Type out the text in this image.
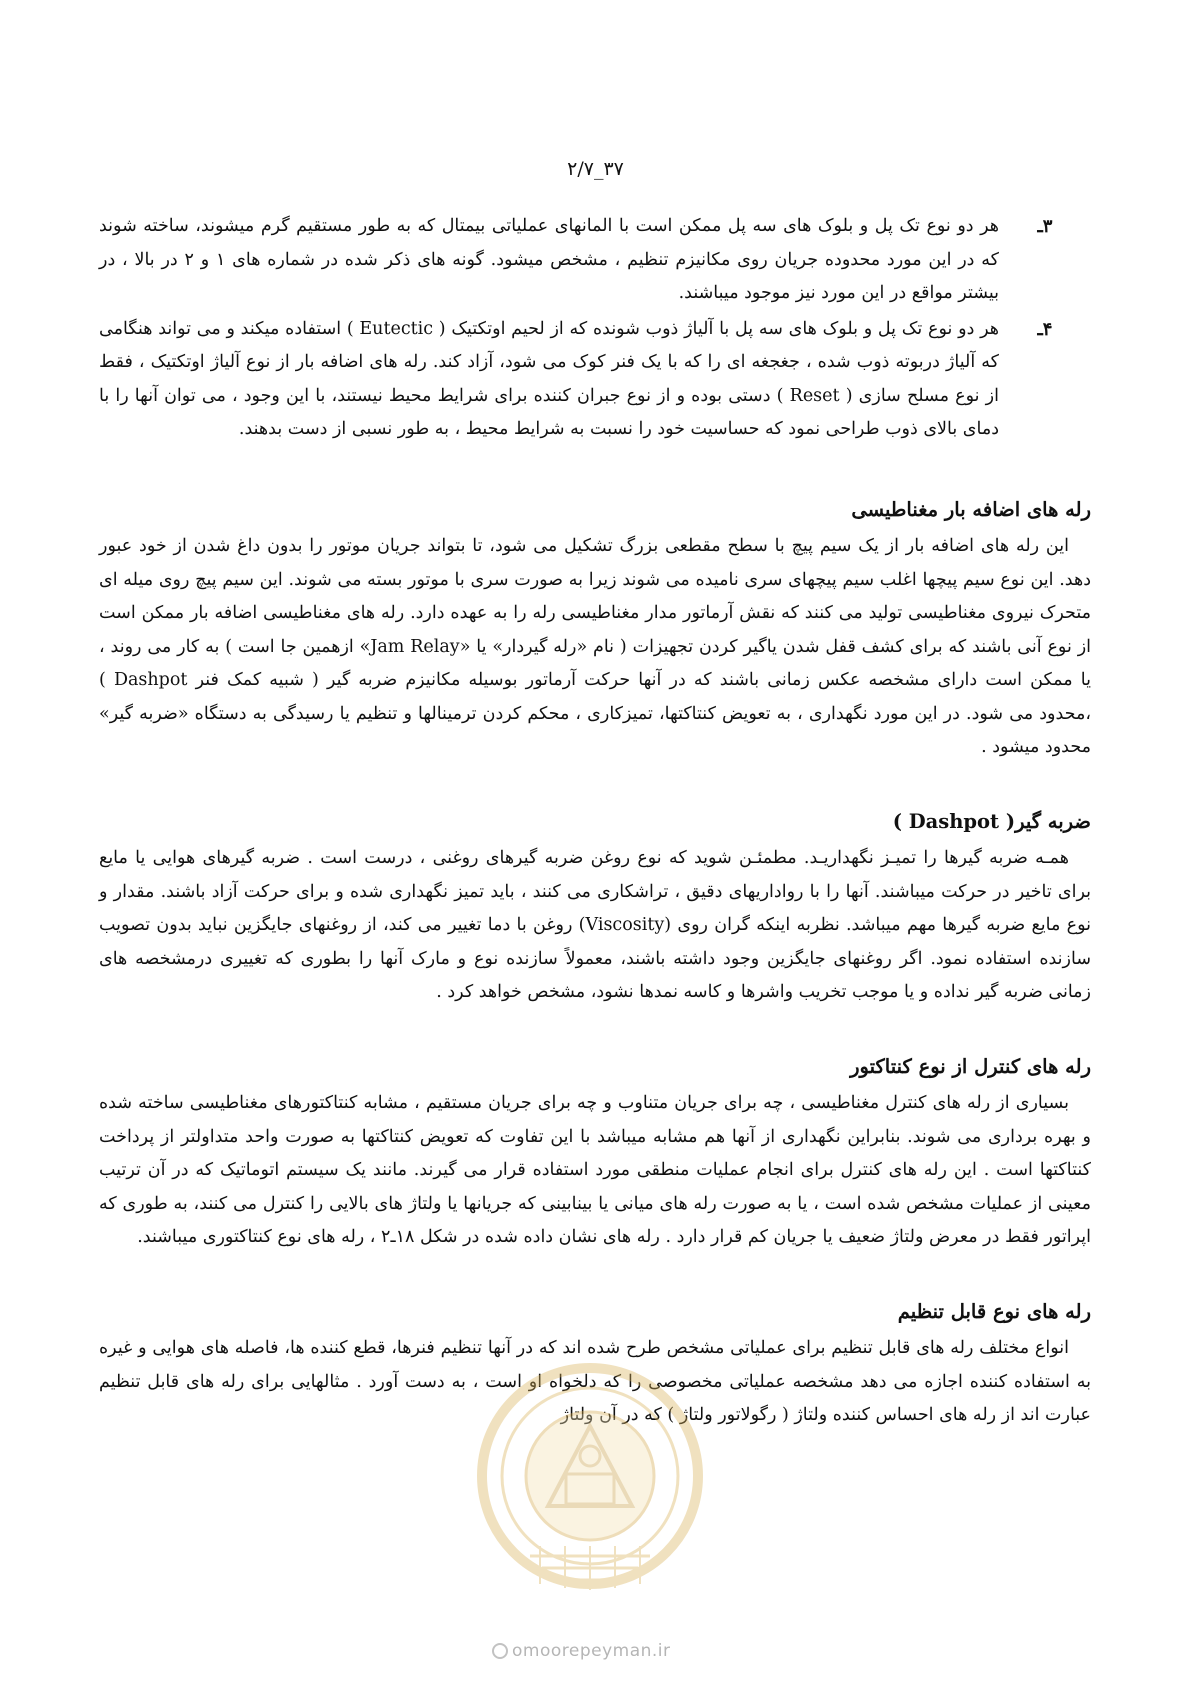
۳۷_۲/۷
۳ـ
هر دو نوع تک پل و بلوک های سه پل ممکن است با المانهای عملیاتی بیمتال که به طور مستقیم گرم میشوند، ساخته شوند که در این مورد محدوده جریان روی مکانیزم تنظیم ، مشخص میشود. گونه های ذکر شده در شماره های ۱ و ۲ در بالا ، در بیشتر مواقع در این مورد نیز موجود میباشند.
۴ـ
هر دو نوع تک پل و بلوک های سه پل با آلیاژ ذوب شونده که از لحیم اوتکتیک ( Eutectic ) استفاده میکند و می تواند هنگامی که آلیاژ دربوته ذوب شده ، جغجغه ای را که با یک فنر کوک می شود، آزاد کند. رله های اضافه بار از نوع آلیاژ اوتکتیک ، فقط از نوع مسلح سازی ( Reset ) دستی بوده و از نوع جبران کننده برای شرایط محیط نیستند، با این وجود ، می توان آنها را با دمای بالای ذوب طراحی نمود که حساسیت خود را نسبت به شرایط محیط ، به طور نسبی از دست بدهند.
رله های اضافه بار مغناطیسی

این رله های اضافه بار از یک سیم پیچ با سطح مقطعی بزرگ تشکیل می شود، تا بتواند جریان موتور را بدون داغ شدن از خود عبور دهد. این نوع سیم پیچها اغلب سیم پیچهای سری نامیده می شوند زیرا به صورت سری با موتور بسته می شوند. این سیم پیچ روی میله ای متحرک نیروی مغناطیسی تولید می کنند که نقش آرماتور مدار مغناطیسی رله را به عهده دارد. رله های مغناطیسی اضافه بار ممکن است از نوع آنی باشند که برای کشف قفل شدن یاگیر کردن تجهیزات ( نام «رله گیردار» یا «Jam Relay» ازهمین جا است ) به کار می روند ، یا ممکن است دارای مشخصه عکس زمانی باشند که در آنها حرکت آرماتور بوسیله مکانیزم ضربه گیر ( شبیه کمک فنر Dashpot ) ،محدود می شود. در این مورد نگهداری ، به تعویض کنتاکتها، تمیزکاری ، محکم کردن ترمینالها و تنظیم یا رسیدگی به دستگاه «ضربه گیر» محدود میشود .

ضربه گیر( Dashpot )

همـه ضربه گیرها را تمیـز نگهداریـد. مطمئـن شوید که نوع روغن ضربه گیرهای روغنی ، درست است . ضربه گیرهای هوایی یا مایع برای تاخیر در حرکت میباشند. آنها را با رواداریهای دقیق ، تراشکاری می کنند ، باید تمیز نگهداری شده و برای حرکت آزاد باشند. مقدار و نوع مایع ضربه گیرها مهم میباشد. نظربه اینکه گران روی (Viscosity) روغن با دما تغییر می کند، از روغنهای جایگزین نباید بدون تصویب سازنده استفاده نمود. اگر روغنهای جایگزین وجود داشته باشند، معمولاً سازنده نوع و مارک آنها را بطوری که تغییری درمشخصه های زمانی ضربه گیر نداده و یا موجب تخریب واشرها و کاسه نمدها نشود، مشخص خواهد کرد .

رله های کنترل از نوع کنتاکتور

بسیاری از رله های کنترل مغناطیسی ، چه برای جریان متناوب و چه برای جریان مستقیم ، مشابه کنتاکتورهای مغناطیسی ساخته شده و بهره برداری می شوند. بنابراین نگهداری از آنها هم مشابه میباشد با این تفاوت که تعویض کنتاکتها به صورت واحد متداولتر از پرداخت کنتاکتها است . این رله های کنترل برای انجام عملیات منطقی مورد استفاده قرار می گیرند. مانند یک سیستم اتوماتیک که در آن ترتیب معینی از عملیات مشخص شده است ، یا به صورت رله های میانی یا بینابینی که جریانها یا ولتاژ های بالایی را کنترل می کنند، به طوری که اپراتور فقط در معرض ولتاژ ضعیف یا جریان کم قرار دارد . رله های نشان داده شده در شکل ۱۸ـ۲ ، رله های نوع کنتاکتوری میباشند.

رله های نوع قابل تنظیم

انواع مختلف رله های قابل تنظیم برای عملیاتی مشخص طرح شده اند که در آنها تنظیم فنرها، قطع کننده ها، فاصله های هوایی و غیره به استفاده کننده اجازه می دهد مشخصه عملیاتی مخصوصی را که دلخواه او است ، به دست آورد . مثالهایی برای رله های قابل تنظیم عبارت اند از رله های احساس کننده ولتاژ ( رگولاتور ولتاژ ) که در آن ولتاژ

omoorepeyman.ir
